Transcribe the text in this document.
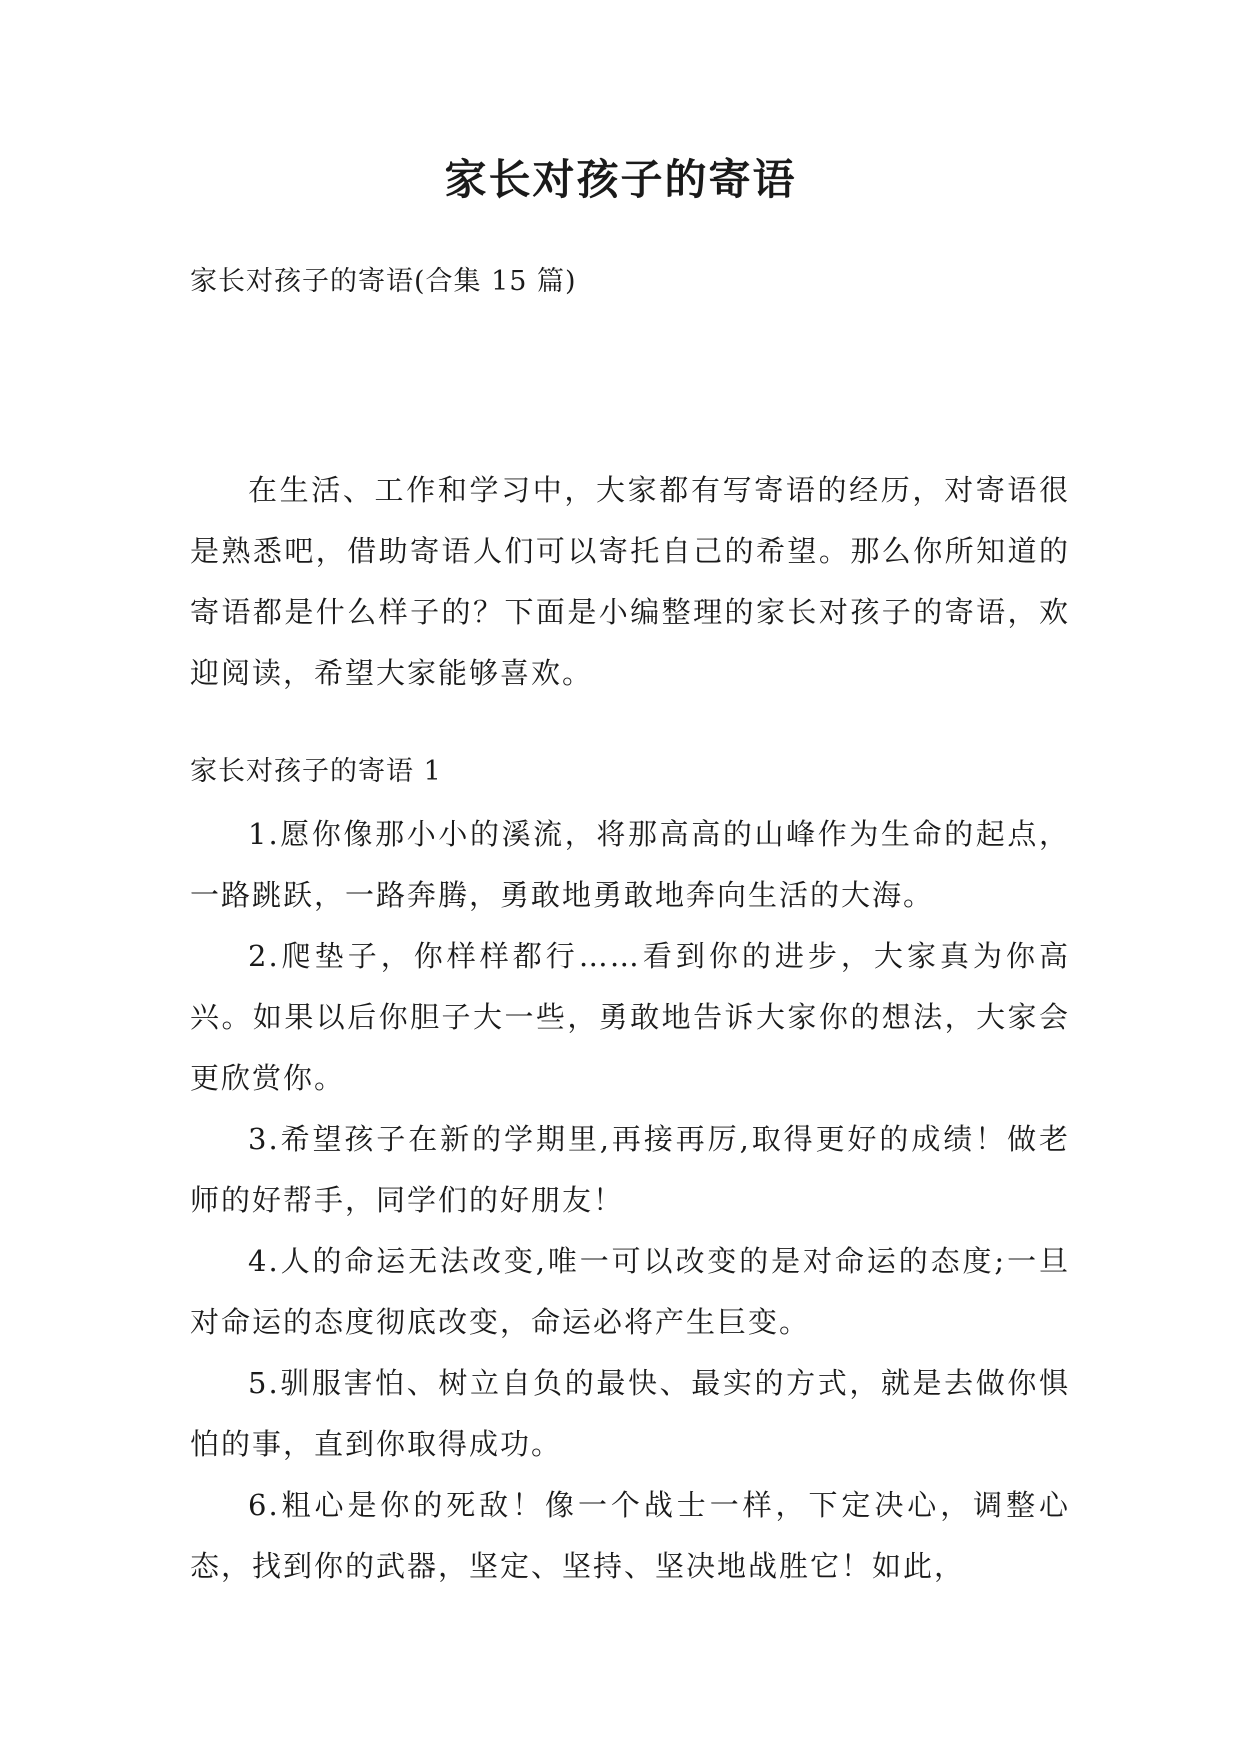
家长对孩子的寄语

家长对孩子的寄语(合集 15 篇)

在生活、工作和学习中，大家都有写寄语的经历，对寄语很是熟悉吧，借助寄语人们可以寄托自己的希望。那么你所知道的寄语都是什么样子的？下面是小编整理的家长对孩子的寄语，欢迎阅读，希望大家能够喜欢。

家长对孩子的寄语 1

1.愿你像那小小的溪流，将那高高的山峰作为生命的起点，一路跳跃，一路奔腾，勇敢地勇敢地奔向生活的大海。

2.爬垫子，你样样都行……看到你的进步，大家真为你高兴。如果以后你胆子大一些，勇敢地告诉大家你的想法，大家会更欣赏你。

3.希望孩子在新的学期里,再接再厉,取得更好的成绩！做老师的好帮手，同学们的好朋友！

4.人的命运无法改变,唯一可以改变的是对命运的态度;一旦对命运的态度彻底改变，命运必将产生巨变。

5.驯服害怕、树立自负的最快、最实的方式，就是去做你惧怕的事，直到你取得成功。

6.粗心是你的死敌！像一个战士一样，下定决心，调整心态，找到你的武器，坚定、坚持、坚决地战胜它！如此，
